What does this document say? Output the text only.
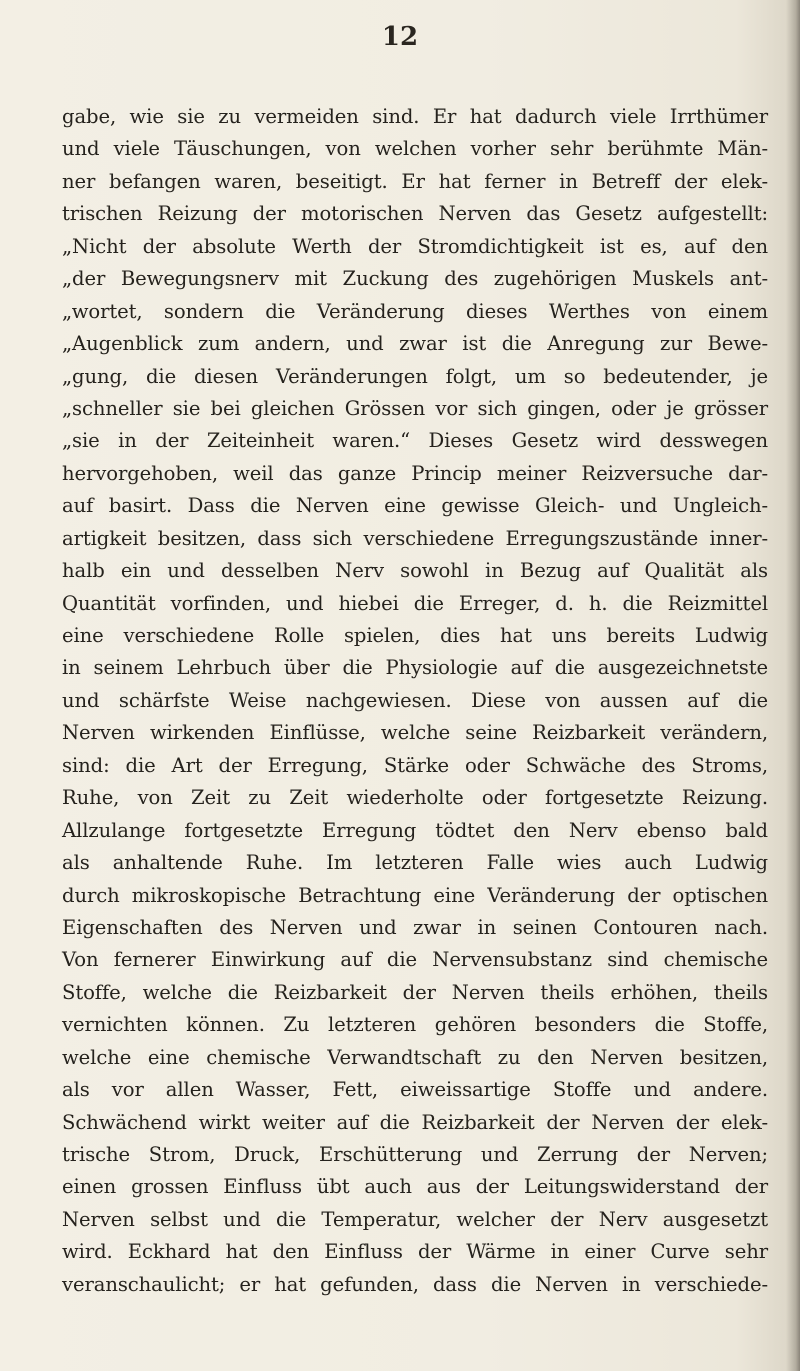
12
gabe, wie sie zu vermeiden sind. Er hat dadurch viele Irrthümer
und viele Täuschungen, von welchen vorher sehr berühmte Män-
ner befangen waren, beseitigt. Er hat ferner in Betreff der elek-
trischen Reizung der motorischen Nerven das Gesetz aufgestellt:
„Nicht der absolute Werth der Stromdichtigkeit ist es, auf den
„der Bewegungsnerv mit Zuckung des zugehörigen Muskels ant-
„wortet, sondern die Veränderung dieses Werthes von einem
„Augenblick zum andern, und zwar ist die Anregung zur Bewe-
„gung, die diesen Veränderungen folgt, um so bedeutender, je
„schneller sie bei gleichen Grössen vor sich gingen, oder je grösser
„sie in der Zeiteinheit waren.“ Dieses Gesetz wird desswegen
hervorgehoben, weil das ganze Princip meiner Reizversuche dar-
auf basirt. Dass die Nerven eine gewisse Gleich- und Ungleich-
artigkeit besitzen, dass sich verschiedene Erregungszustände inner-
halb ein und desselben Nerv sowohl in Bezug auf Qualität als
Quantität vorfinden, und hiebei die Erreger, d. h. die Reizmittel
eine verschiedene Rolle spielen, dies hat uns bereits Ludwig
in seinem Lehrbuch über die Physiologie auf die ausgezeichnetste
und schärfste Weise nachgewiesen. Diese von aussen auf die
Nerven wirkenden Einflüsse, welche seine Reizbarkeit verändern,
sind: die Art der Erregung, Stärke oder Schwäche des Stroms,
Ruhe, von Zeit zu Zeit wiederholte oder fortgesetzte Reizung.
Allzulange fortgesetzte Erregung tödtet den Nerv ebenso bald
als anhaltende Ruhe. Im letzteren Falle wies auch Ludwig
durch mikroskopische Betrachtung eine Veränderung der optischen
Eigenschaften des Nerven und zwar in seinen Contouren nach.
Von fernerer Einwirkung auf die Nervensubstanz sind chemische
Stoffe, welche die Reizbarkeit der Nerven theils erhöhen, theils
vernichten können. Zu letzteren gehören besonders die Stoffe,
welche eine chemische Verwandtschaft zu den Nerven besitzen,
als vor allen Wasser, Fett, eiweissartige Stoffe und andere.
Schwächend wirkt weiter auf die Reizbarkeit der Nerven der elek-
trische Strom, Druck, Erschütterung und Zerrung der Nerven;
einen grossen Einfluss übt auch aus der Leitungswiderstand der
Nerven selbst und die Temperatur, welcher der Nerv ausgesetzt
wird. Eckhard hat den Einfluss der Wärme in einer Curve sehr
veranschaulicht; er hat gefunden, dass die Nerven in verschiede-
